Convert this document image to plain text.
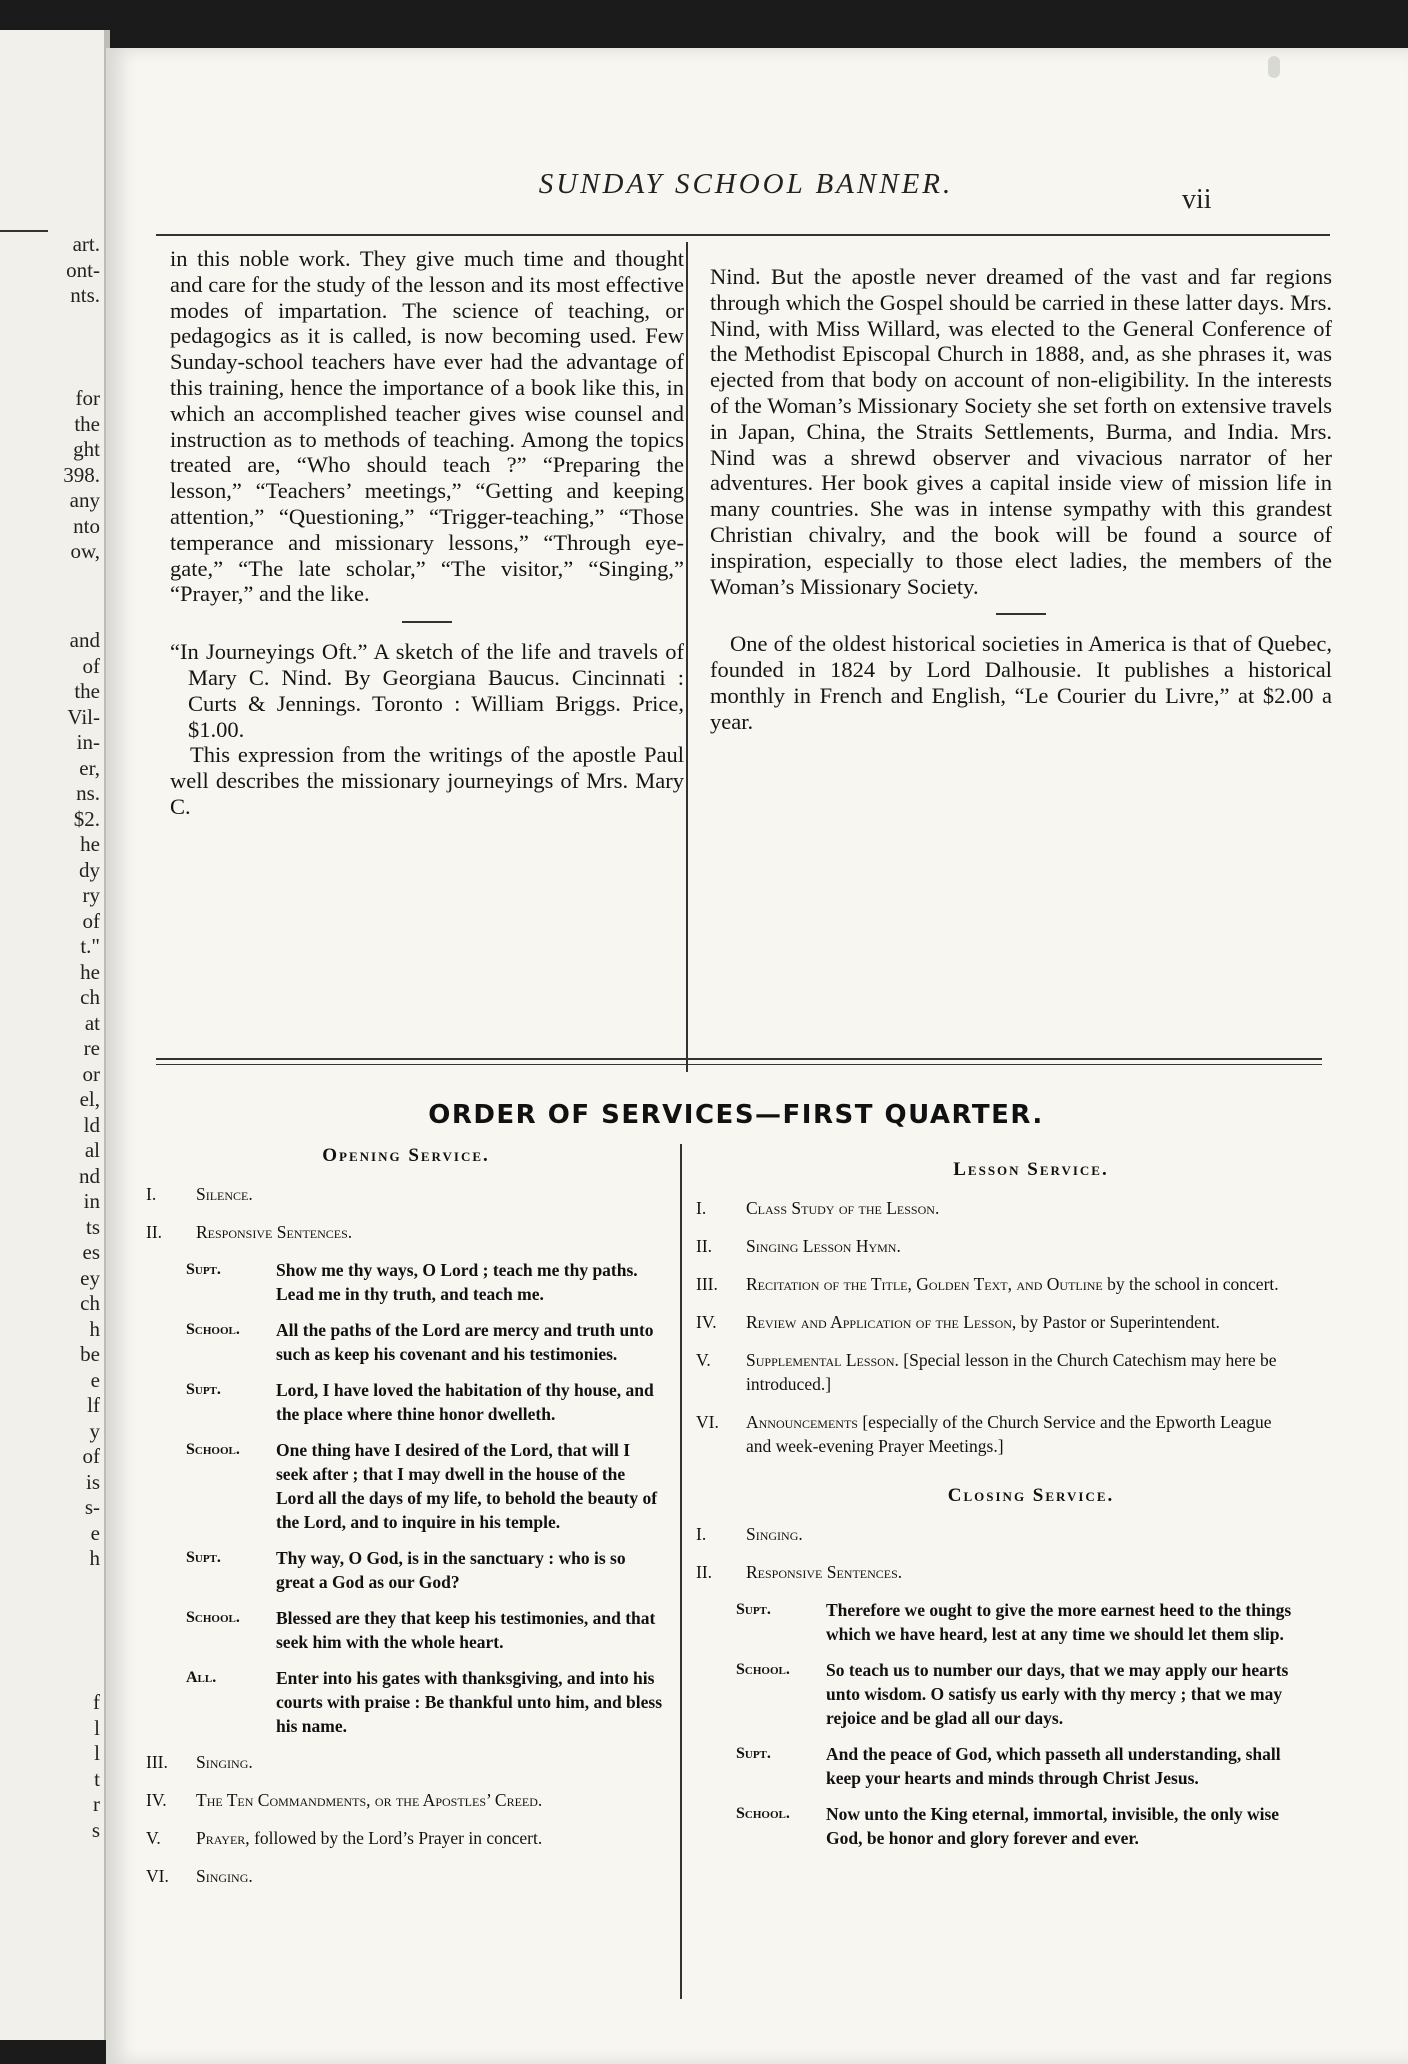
art.
ont-
nts.
for
the
ght
398.
any
nto
ow,
and
of
the
Vil-
in-
er,
ns.
$2.
he
dy
ry
of
t."
he
ch
at
re
or
el,
ld
al
nd
in
ts
es
ey
ch
h
be
e
lf
y
of
is
s-
e
h
f
l
l
t
r
s
SUNDAY SCHOOL BANNER.	vii

in this noble work. They give much time and thought and care for the study of the lesson and its most effective modes of impartation. The science of teaching, or pedagogics as it is called, is now becoming used. Few Sunday-school teachers have ever had the advantage of this training, hence the importance of a book like this, in which an accomplished teacher gives wise counsel and instruction as to methods of teaching. Among the topics treated are, “Who should teach ?” “Preparing the lesson,” “Teachers’ meetings,” “Getting and keeping attention,” “Questioning,” “Trigger-teaching,” “Those temperance and missionary lessons,” “Through eye-gate,” “The late scholar,” “The visitor,” “Singing,” “Prayer,” and the like.

“In Journeyings Oft.” A sketch of the life and travels of Mary C. Nind. By Georgiana Baucus. Cincinnati : Curts & Jennings. Toronto : William Briggs. Price, $1.00.

This expression from the writings of the apostle Paul well describes the missionary journeyings of Mrs. Mary C.

Nind. But the apostle never dreamed of the vast and far regions through which the Gospel should be carried in these latter days. Mrs. Nind, with Miss Willard, was elected to the General Conference of the Methodist Episcopal Church in 1888, and, as she phrases it, was ejected from that body on account of non-eligibility. In the interests of the Woman’s Missionary Society she set forth on extensive travels in Japan, China, the Straits Settlements, Burma, and India. Mrs. Nind was a shrewd observer and vivacious narrator of her adventures. Her book gives a capital inside view of mission life in many countries. She was in intense sympathy with this grandest Christian chivalry, and the book will be found a source of inspiration, especially to those elect ladies, the members of the Woman’s Missionary Society.

One of the oldest historical societies in America is that of Quebec, founded in 1824 by Lord Dalhousie. It publishes a historical monthly in French and English, “Le Courier du Livre,” at $2.00 a year.

ORDER OF SERVICES—FIRST QUARTER.
Opening Service.
I.	Silence.
II.	Responsive Sentences.
Supt.	Show me thy ways, O Lord ; teach me thy paths. Lead me in thy truth, and teach me.
School.	All the paths of the Lord are mercy and truth unto such as keep his covenant and his testimonies.
Supt.	Lord, I have loved the habitation of thy house, and the place where thine honor dwelleth.
School.	One thing have I desired of the Lord, that will I seek after ; that I may dwell in the house of the Lord all the days of my life, to behold the beauty of the Lord, and to inquire in his temple.
Supt.	Thy way, O God, is in the sanctuary : who is so great a God as our God?
School.	Blessed are they that keep his testimonies, and that seek him with the whole heart.
All.	Enter into his gates with thanksgiving, and into his courts with praise : Be thankful unto him, and bless his name.
III.	Singing.
IV.	The Ten Commandments, or the Apostles’ Creed.
V.	Prayer, followed by the Lord’s Prayer in concert.
VI.	Singing.
Lesson Service.
I.	Class Study of the Lesson.
II.	Singing Lesson Hymn.
III.	Recitation of the Title, Golden Text, and Outline by the school in concert.
IV.	Review and Application of the Lesson, by Pastor or Superintendent.
V.	Supplemental Lesson. [Special lesson in the Church Catechism may here be introduced.]
VI.	Announcements [especially of the Church Service and the Epworth League and week-evening Prayer Meetings.]
Closing Service.
I.	Singing.
II.	Responsive Sentences.
Supt.	Therefore we ought to give the more earnest heed to the things which we have heard, lest at any time we should let them slip.
School.	So teach us to number our days, that we may apply our hearts unto wisdom. O satisfy us early with thy mercy ; that we may rejoice and be glad all our days.
Supt.	And the peace of God, which passeth all understanding, shall keep your hearts and minds through Christ Jesus.
School.	Now unto the King eternal, immortal, invisible, the only wise God, be honor and glory forever and ever.
